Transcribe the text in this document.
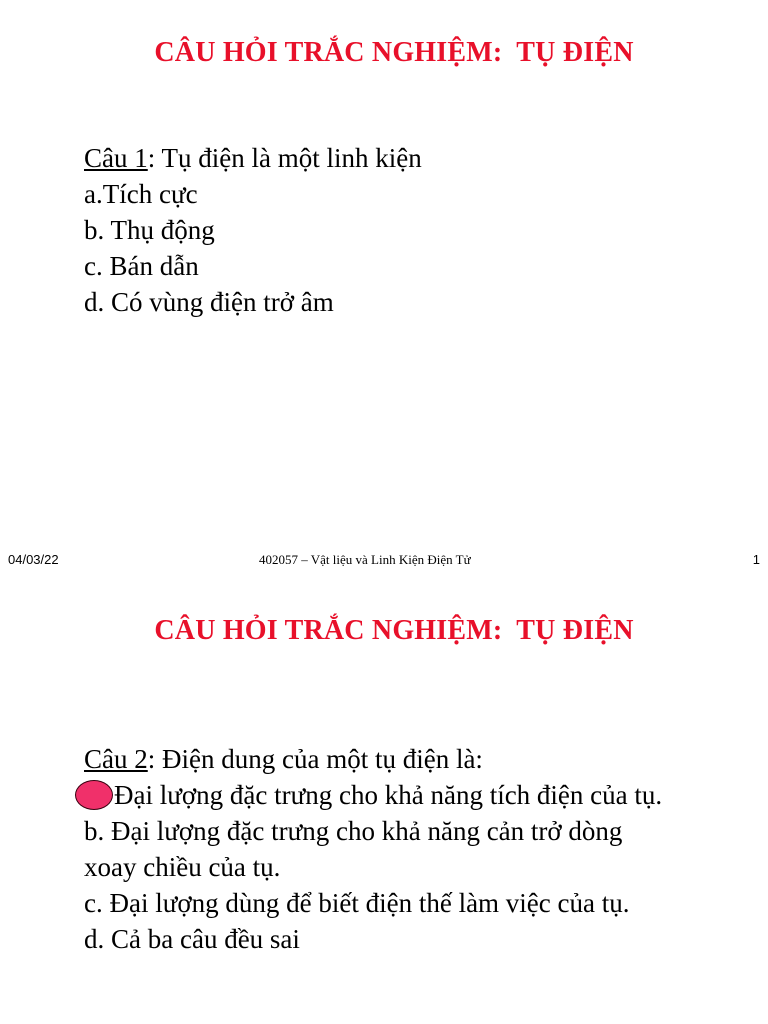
CÂU HỎI TRẮC NGHIỆM:  TỤ ĐIỆN
Câu 1: Tụ điện là một linh kiện
a.Tích cực
b. Thụ động
c. Bán dẫn
d. Có vùng điện trở âm
04/03/22	402057 – Vật liệu và Linh Kiện Điện Tử	1
CÂU HỎI TRẮC NGHIỆM:  TỤ ĐIỆN
Câu 2: Điện dung của một tụ điện là:
Đại lượng đặc trưng cho khả năng tích điện của tụ.
b. Đại lượng đặc trưng cho khả năng cản trở dòng
xoay chiều của tụ.
c. Đại lượng dùng để biết điện thế làm việc của tụ.
d. Cả ba câu đều sai
